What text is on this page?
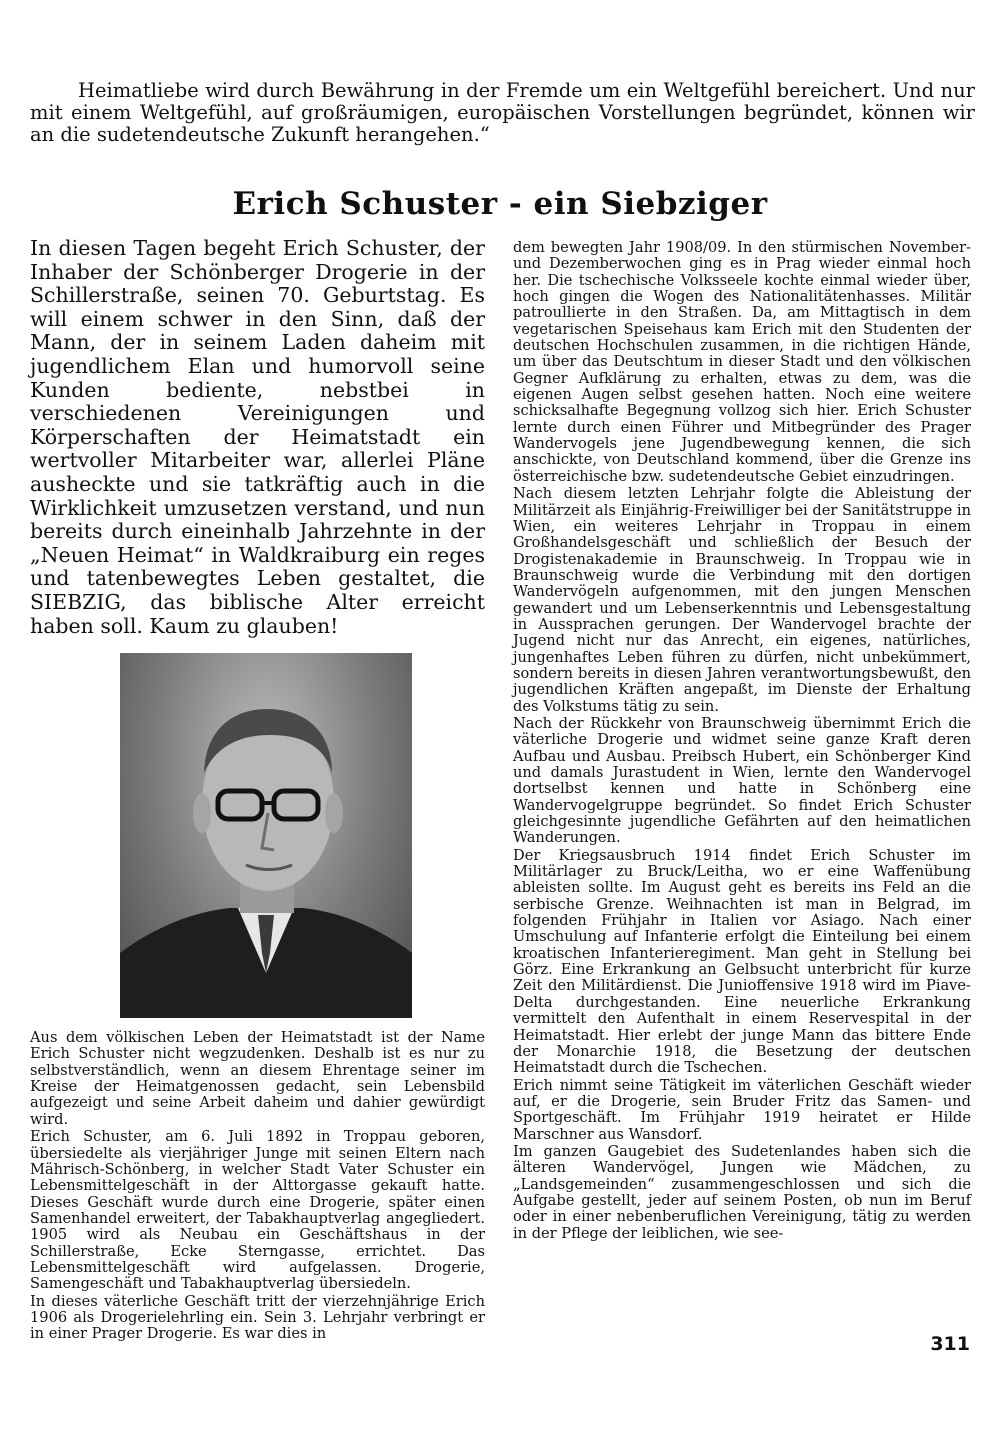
Heimatliebe wird durch Bewährung in der Fremde um ein Weltgefühl bereichert. Und nur mit einem Weltgefühl, auf großräumigen, europäischen Vorstellungen begründet, können wir an die sudetendeutsche Zukunft herangehen.“

Erich Schuster - ein Siebziger

In diesen Tagen begeht Erich Schuster, der Inhaber der Schönberger Drogerie in der Schillerstraße, seinen 70. Geburtstag. Es will einem schwer in den Sinn, daß der Mann, der in seinem Laden daheim mit jugendlichem Elan und humorvoll seine Kunden bediente, nebstbei in verschiedenen Vereinigungen und Körperschaften der Heimatstadt ein wertvoller Mitarbeiter war, allerlei Pläne ausheckte und sie tatkräftig auch in die Wirklichkeit umzusetzen verstand, und nun bereits durch eineinhalb Jahrzehnte in der „Neuen Heimat“ in Waldkraiburg ein reges und tatenbewegtes Leben gestaltet, die SIEBZIG, das biblische Alter erreicht haben soll. Kaum zu glauben!

Aus dem völkischen Leben der Heimatstadt ist der Name Erich Schuster nicht wegzudenken. Deshalb ist es nur zu selbstverständlich, wenn an diesem Ehrentage seiner im Kreise der Heimatgenossen gedacht, sein Lebensbild aufgezeigt und seine Arbeit daheim und dahier gewürdigt wird.

Erich Schuster, am 6. Juli 1892 in Troppau geboren, übersiedelte als vierjähriger Junge mit seinen Eltern nach Mährisch-Schönberg, in welcher Stadt Vater Schuster ein Lebensmittelgeschäft in der Alttorgasse gekauft hatte. Dieses Geschäft wurde durch eine Drogerie, später einen Samenhandel erweitert, der Tabakhauptverlag angegliedert. 1905 wird als Neubau ein Geschäftshaus in der Schillerstraße, Ecke Sterngasse, errichtet. Das Lebensmittelgeschäft wird aufgelassen. Drogerie, Samengeschäft und Tabakhauptverlag übersiedeln.

In dieses väterliche Geschäft tritt der vierzehnjährige Erich 1906 als Drogerielehrling ein. Sein 3. Lehrjahr verbringt er in einer Prager Drogerie. Es war dies in

dem bewegten Jahr 1908/09. In den stürmischen November- und Dezemberwochen ging es in Prag wieder einmal hoch her. Die tschechische Volksseele kochte einmal wieder über, hoch gingen die Wogen des Nationalitätenhasses. Militär patroullierte in den Straßen. Da, am Mittagtisch in dem vegetarischen Speisehaus kam Erich mit den Studenten der deutschen Hochschulen zusammen, in die richtigen Hände, um über das Deutschtum in dieser Stadt und den völkischen Gegner Aufklärung zu erhalten, etwas zu dem, was die eigenen Augen selbst gesehen hatten. Noch eine weitere schicksalhafte Begegnung vollzog sich hier. Erich Schuster lernte durch einen Führer und Mitbegründer des Prager Wandervogels jene Jugendbewegung kennen, die sich anschickte, von Deutschland kommend, über die Grenze ins österreichische bzw. sudetendeutsche Gebiet einzudringen.

Nach diesem letzten Lehrjahr folgte die Ableistung der Militärzeit als Einjährig-Freiwilliger bei der Sanitätstruppe in Wien, ein weiteres Lehrjahr in Troppau in einem Großhandelsgeschäft und schließlich der Besuch der Drogistenakademie in Braunschweig. In Troppau wie in Braunschweig wurde die Verbindung mit den dortigen Wandervögeln aufgenommen, mit den jungen Menschen gewandert und um Lebenserkenntnis und Lebensgestaltung in Aussprachen gerungen. Der Wandervogel brachte der Jugend nicht nur das Anrecht, ein eigenes, natürliches, jungenhaftes Leben führen zu dürfen, nicht unbekümmert, sondern bereits in diesen Jahren verantwortungsbewußt, den jugendlichen Kräften angepaßt, im Dienste der Erhaltung des Volkstums tätig zu sein.

Nach der Rückkehr von Braunschweig übernimmt Erich die väterliche Drogerie und widmet seine ganze Kraft deren Aufbau und Ausbau. Preibsch Hubert, ein Schönberger Kind und damals Jurastudent in Wien, lernte den Wandervogel dortselbst kennen und hatte in Schönberg eine Wandervogelgruppe begründet. So findet Erich Schuster gleichgesinnte jugendliche Gefährten auf den heimatlichen Wanderungen.

Der Kriegsausbruch 1914 findet Erich Schuster im Militärlager zu Bruck/Leitha, wo er eine Waffenübung ableisten sollte. Im August geht es bereits ins Feld an die serbische Grenze. Weihnachten ist man in Belgrad, im folgenden Frühjahr in Italien vor Asiago. Nach einer Umschulung auf Infanterie erfolgt die Einteilung bei einem kroatischen Infanterieregiment. Man geht in Stellung bei Görz. Eine Erkrankung an Gelbsucht unterbricht für kurze Zeit den Militärdienst. Die Junioffensive 1918 wird im Piave-Delta durchgestanden. Eine neuerliche Erkrankung vermittelt den Aufenthalt in einem Reservespital in der Heimatstadt. Hier erlebt der junge Mann das bittere Ende der Monarchie 1918, die Besetzung der deutschen Heimatstadt durch die Tschechen.

Erich nimmt seine Tätigkeit im väterlichen Geschäft wieder auf, er die Drogerie, sein Bruder Fritz das Samen- und Sportgeschäft. Im Frühjahr 1919 heiratet er Hilde Marschner aus Wansdorf.

Im ganzen Gaugebiet des Sudetenlandes haben sich die älteren Wandervögel, Jungen wie Mädchen, zu „Landsgemeinden“ zusammengeschlossen und sich die Aufgabe gestellt, jeder auf seinem Posten, ob nun im Beruf oder in einer nebenberuflichen Vereinigung, tätig zu werden in der Pflege der leiblichen, wie see-

311
